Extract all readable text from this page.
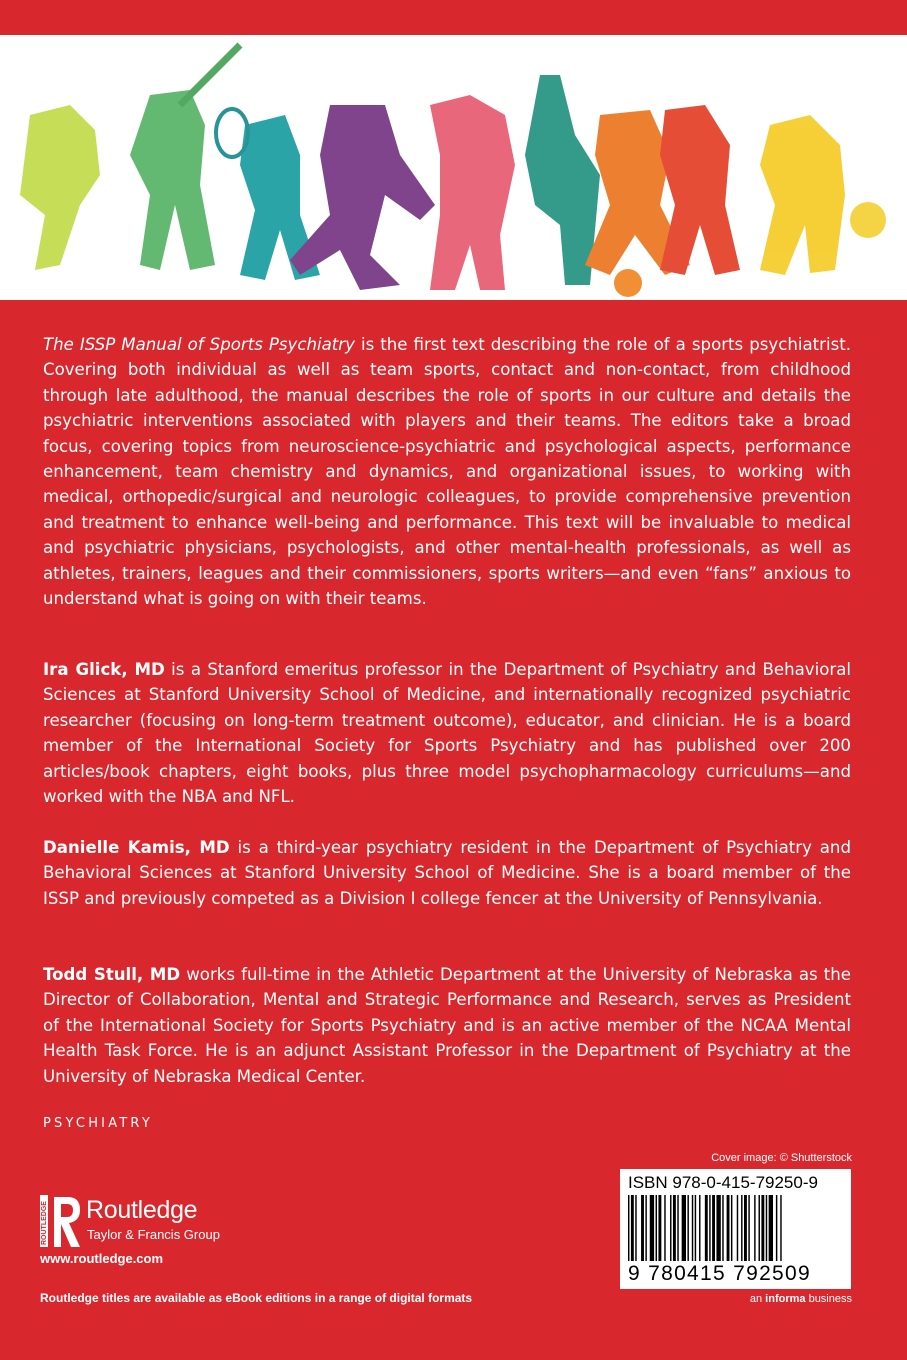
The ISSP Manual of Sports Psychiatry is the first text describing the role of a sports psychiatrist. Covering both individual as well as team sports, contact and non-contact, from childhood through late adulthood, the manual describes the role of sports in our culture and details the psychiatric interventions associated with players and their teams. The editors take a broad focus, covering topics from neuroscience-psychiatric and psychological aspects, performance enhancement, team chemistry and dynamics, and organizational issues, to working with medical, orthopedic/surgical and neurologic colleagues, to provide comprehensive prevention and treatment to enhance well-being and performance. This text will be invaluable to medical and psychiatric physicians, psychologists, and other mental-health professionals, as well as athletes, trainers, leagues and their commissioners, sports writers—and even “fans” anxious to understand what is going on with their teams.

Ira Glick, MD is a Stanford emeritus professor in the Department of Psychiatry and Behavioral Sciences at Stanford University School of Medicine, and internationally recognized psychiatric researcher (focusing on long-term treatment outcome), educator, and clinician. He is a board member of the International Society for Sports Psychiatry and has published over 200 articles/book chapters, eight books, plus three model psychopharmacology curriculums—and worked with the NBA and NFL.

Danielle Kamis, MD is a third-year psychiatry resident in the Department of Psychiatry and Behavioral Sciences at Stanford University School of Medicine. She is a board member of the ISSP and previously competed as a Division I college fencer at the University of Pennsylvania.

Todd Stull, MD works full-time in the Athletic Department at the University of Nebraska as the Director of Collaboration, Mental and Strategic Performance and Research, serves as President of the International Society for Sports Psychiatry and is an active member of the NCAA Mental Health Task Force. He is an adjunct Assistant Professor in the Department of Psychiatry at the University of Nebraska Medical Center.

PSYCHIATRY

Cover image: © Shutterstock
ISBN 978-0-415-79250-9
9 780415 792509
an informa business
ROUTLEDGE Routledge
Taylor & Francis Group
www.routledge.com
Routledge titles are available as eBook editions in a range of digital formats
